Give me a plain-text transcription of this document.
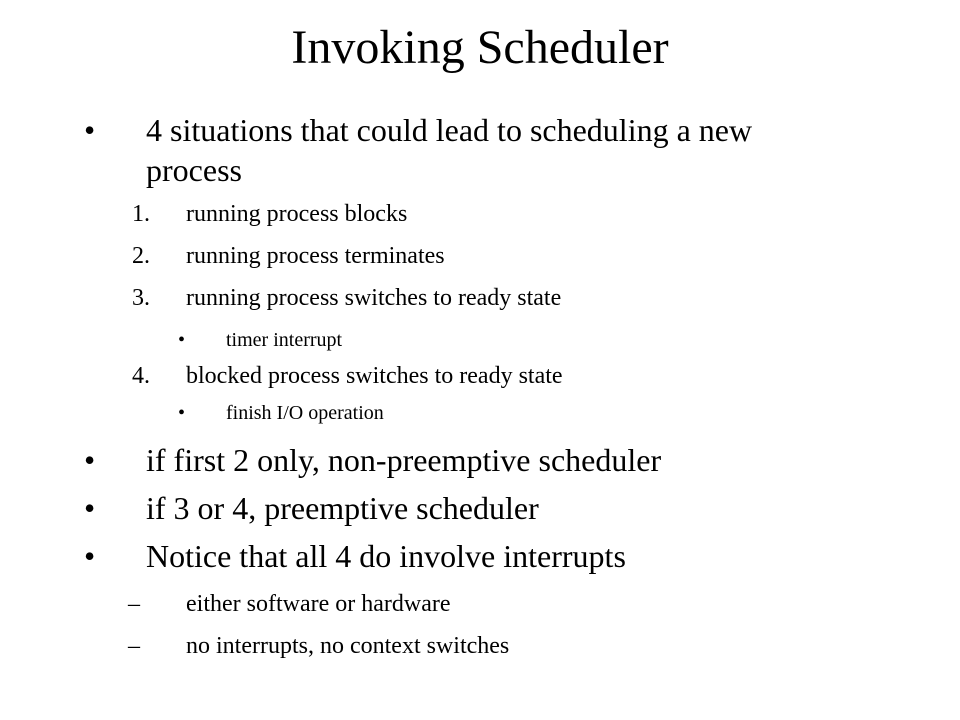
Invoking Scheduler
• 4 situations that could lead to scheduling a new
process
1. running process blocks
2. running process terminates
3. running process switches to ready state
• timer interrupt
4. blocked process switches to ready state
• finish I/O operation
• if first 2 only, non-preemptive scheduler
• if 3 or 4, preemptive scheduler
• Notice that all 4 do involve interrupts
– either software or hardware
– no interrupts, no context switches
